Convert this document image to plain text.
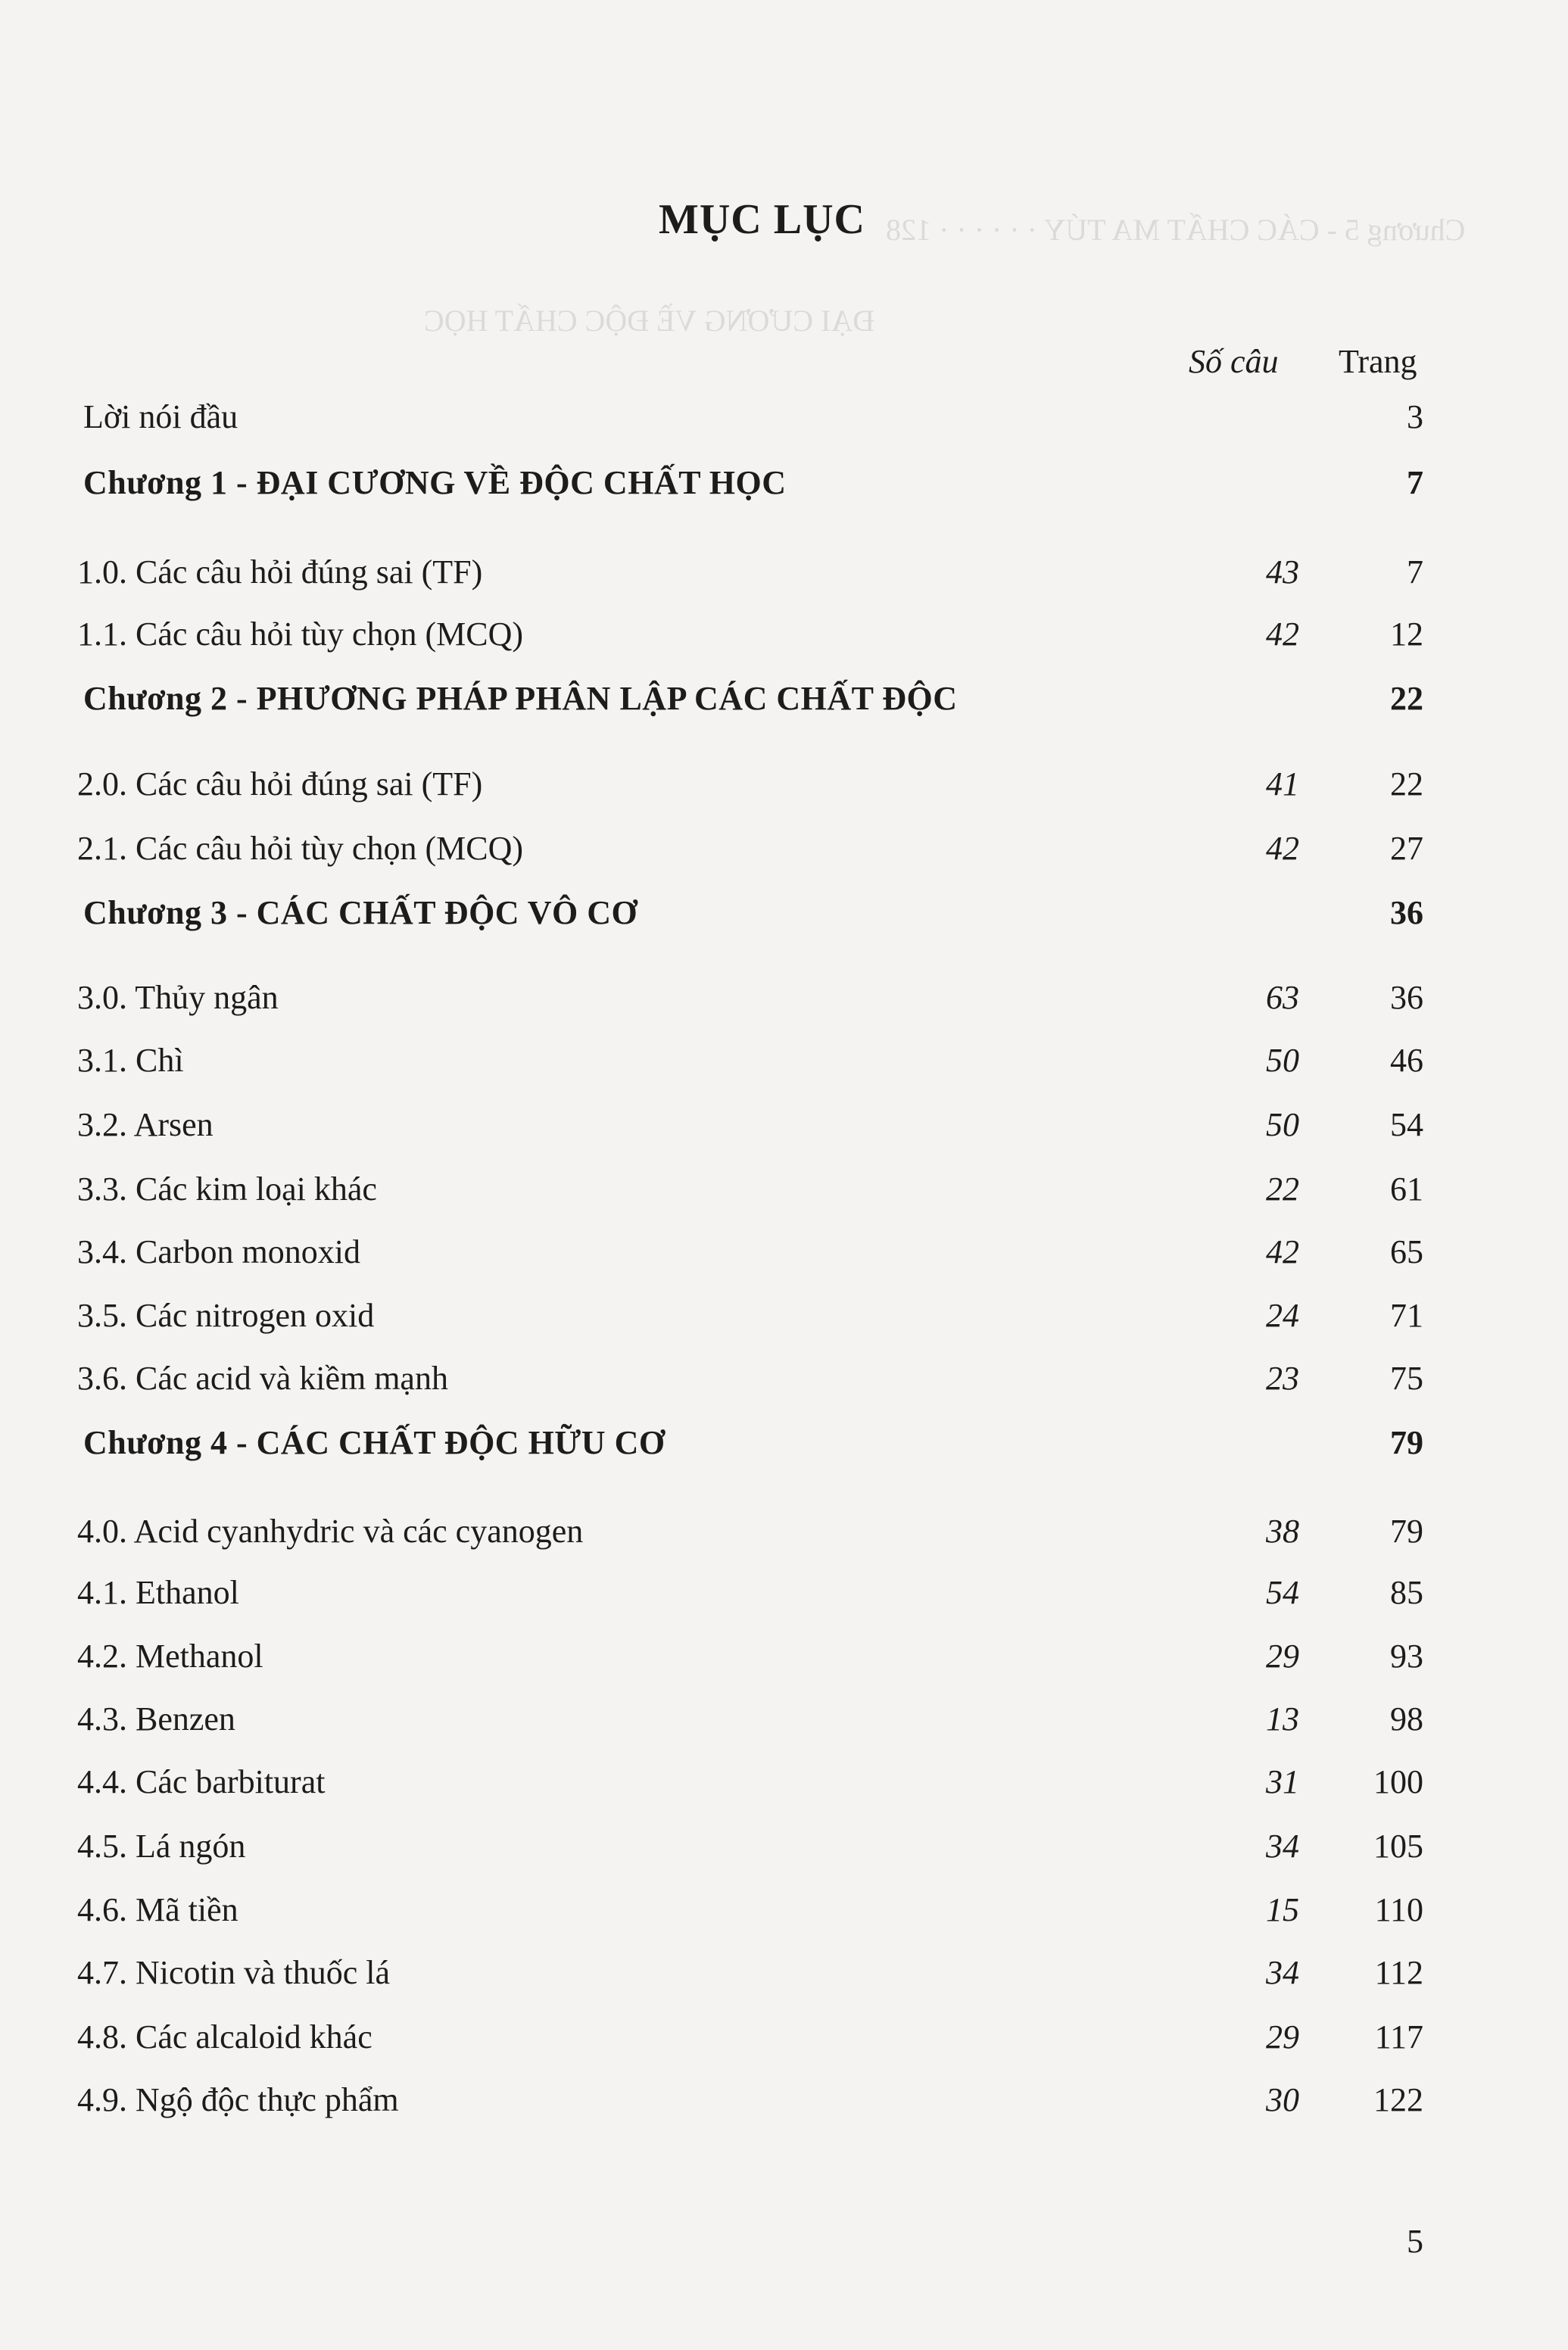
Chương 5 - CÁC CHẤT MA TÚY · · · · · · 128
ĐẠI CƯƠNG VỀ ĐỘC CHẤT HỌC
MỤC LỤC
Số câu Trang
Lời nói đầu	3
Chương 1 - ĐẠI CƯƠNG VỀ ĐỘC CHẤT HỌC	7
1.0. Các câu hỏi đúng sai (TF)	43	7
1.1. Các câu hỏi tùy chọn (MCQ)	42	12
Chương 2 - PHƯƠNG PHÁP PHÂN LẬP CÁC CHẤT ĐỘC	22
2.0. Các câu hỏi đúng sai (TF)	41	22
2.1. Các câu hỏi tùy chọn (MCQ)	42	27
Chương 3 - CÁC CHẤT ĐỘC VÔ CƠ	36
3.0. Thủy ngân	63	36
3.1. Chì	50	46
3.2. Arsen	50	54
3.3. Các kim loại khác	22	61
3.4. Carbon monoxid	42	65
3.5. Các nitrogen oxid	24	71
3.6. Các acid và kiềm mạnh	23	75
Chương 4 - CÁC CHẤT ĐỘC HỮU CƠ	79
4.0. Acid cyanhydric và các cyanogen	38	79
4.1. Ethanol	54	85
4.2. Methanol	29	93
4.3. Benzen	13	98
4.4. Các barbiturat	31	100
4.5. Lá ngón	34	105
4.6. Mã tiền	15	110
4.7. Nicotin và thuốc lá	34	112
4.8. Các alcaloid khác	29	117
4.9. Ngộ độc thực phẩm	30	122
5
